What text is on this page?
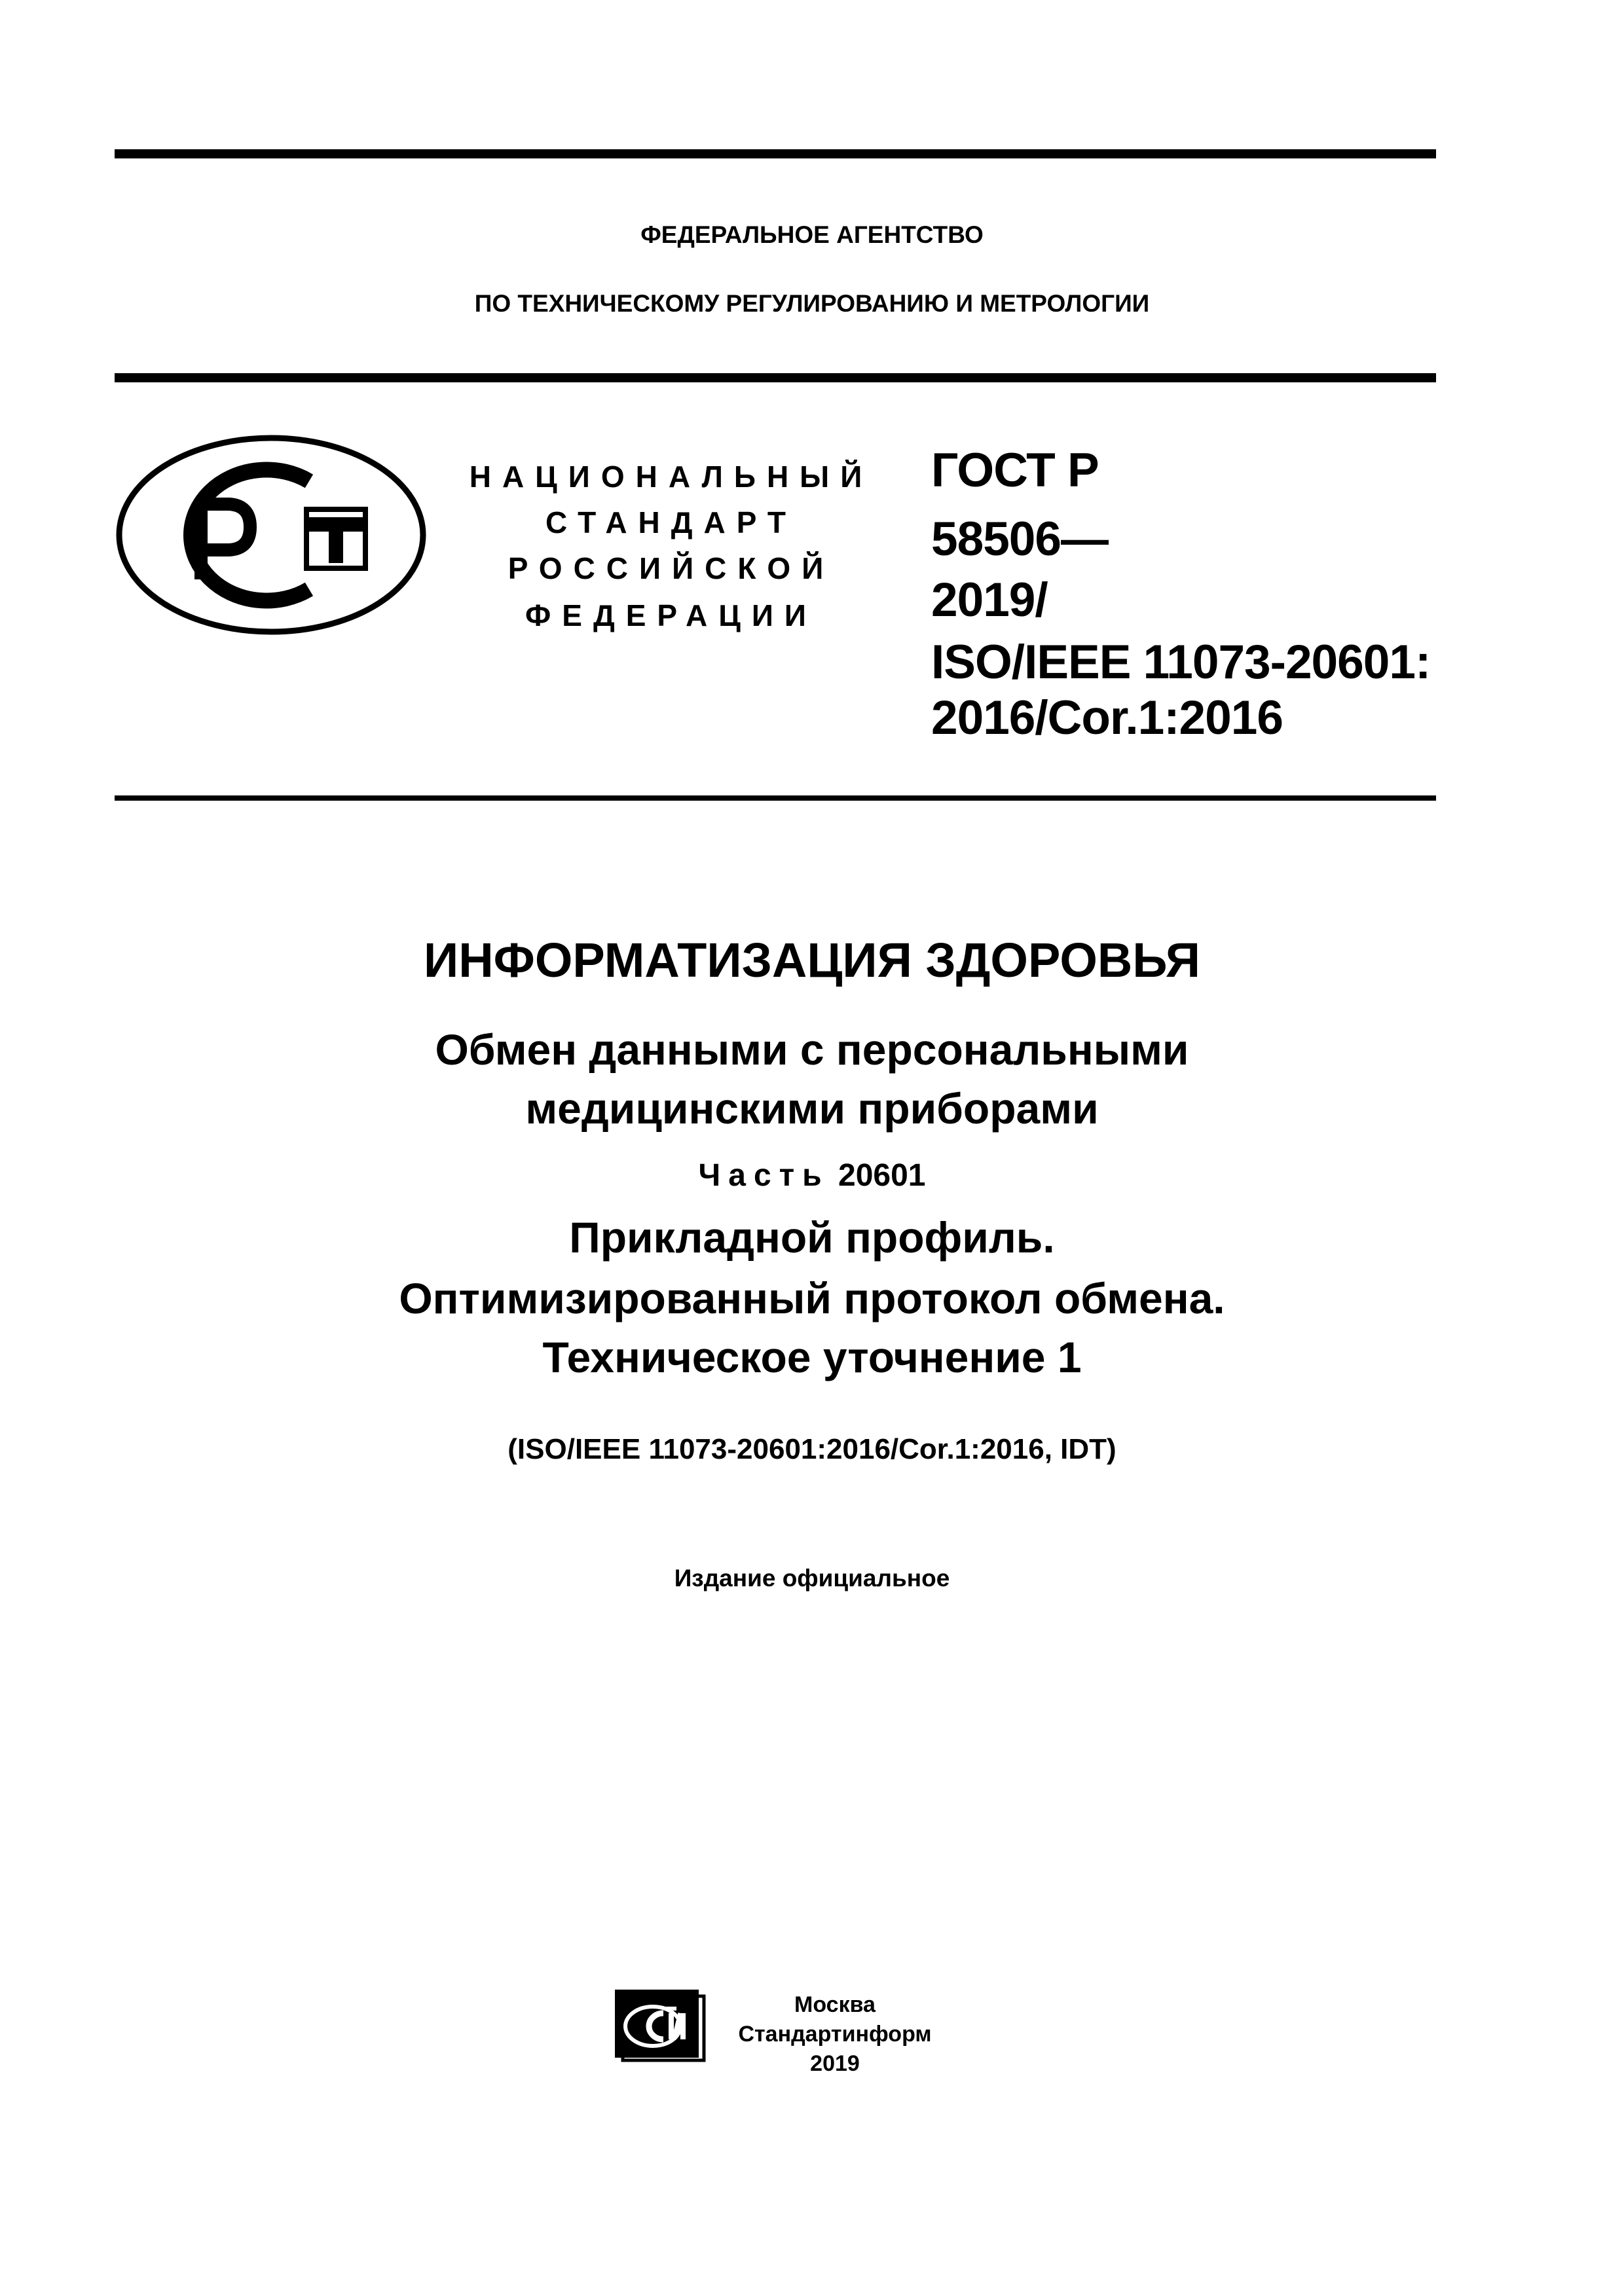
ФЕДЕРАЛЬНОЕ АГЕНТСТВО
ПО ТЕХНИЧЕСКОМУ РЕГУЛИРОВАНИЮ И МЕТРОЛОГИИ
НАЦИОНАЛЬНЫЙ
СТАНДАРТ
РОССИЙСКОЙ
ФЕДЕРАЦИИ
ГОСТ Р
58506—
2019/
ISO/IEEE 11073-20601:
2016/Cor.1:2016
ИНФОРМАТИЗАЦИЯ ЗДОРОВЬЯ
Обмен данными с персональными
медицинскими приборами
Часть 20601
Прикладной профиль.
Оптимизированный протокол обмена.
Техническое уточнение 1
(ISO/IEEE 11073-20601:2016/Cor.1:2016, IDT)
Издание официальное
Москва
Стандартинформ
2019
